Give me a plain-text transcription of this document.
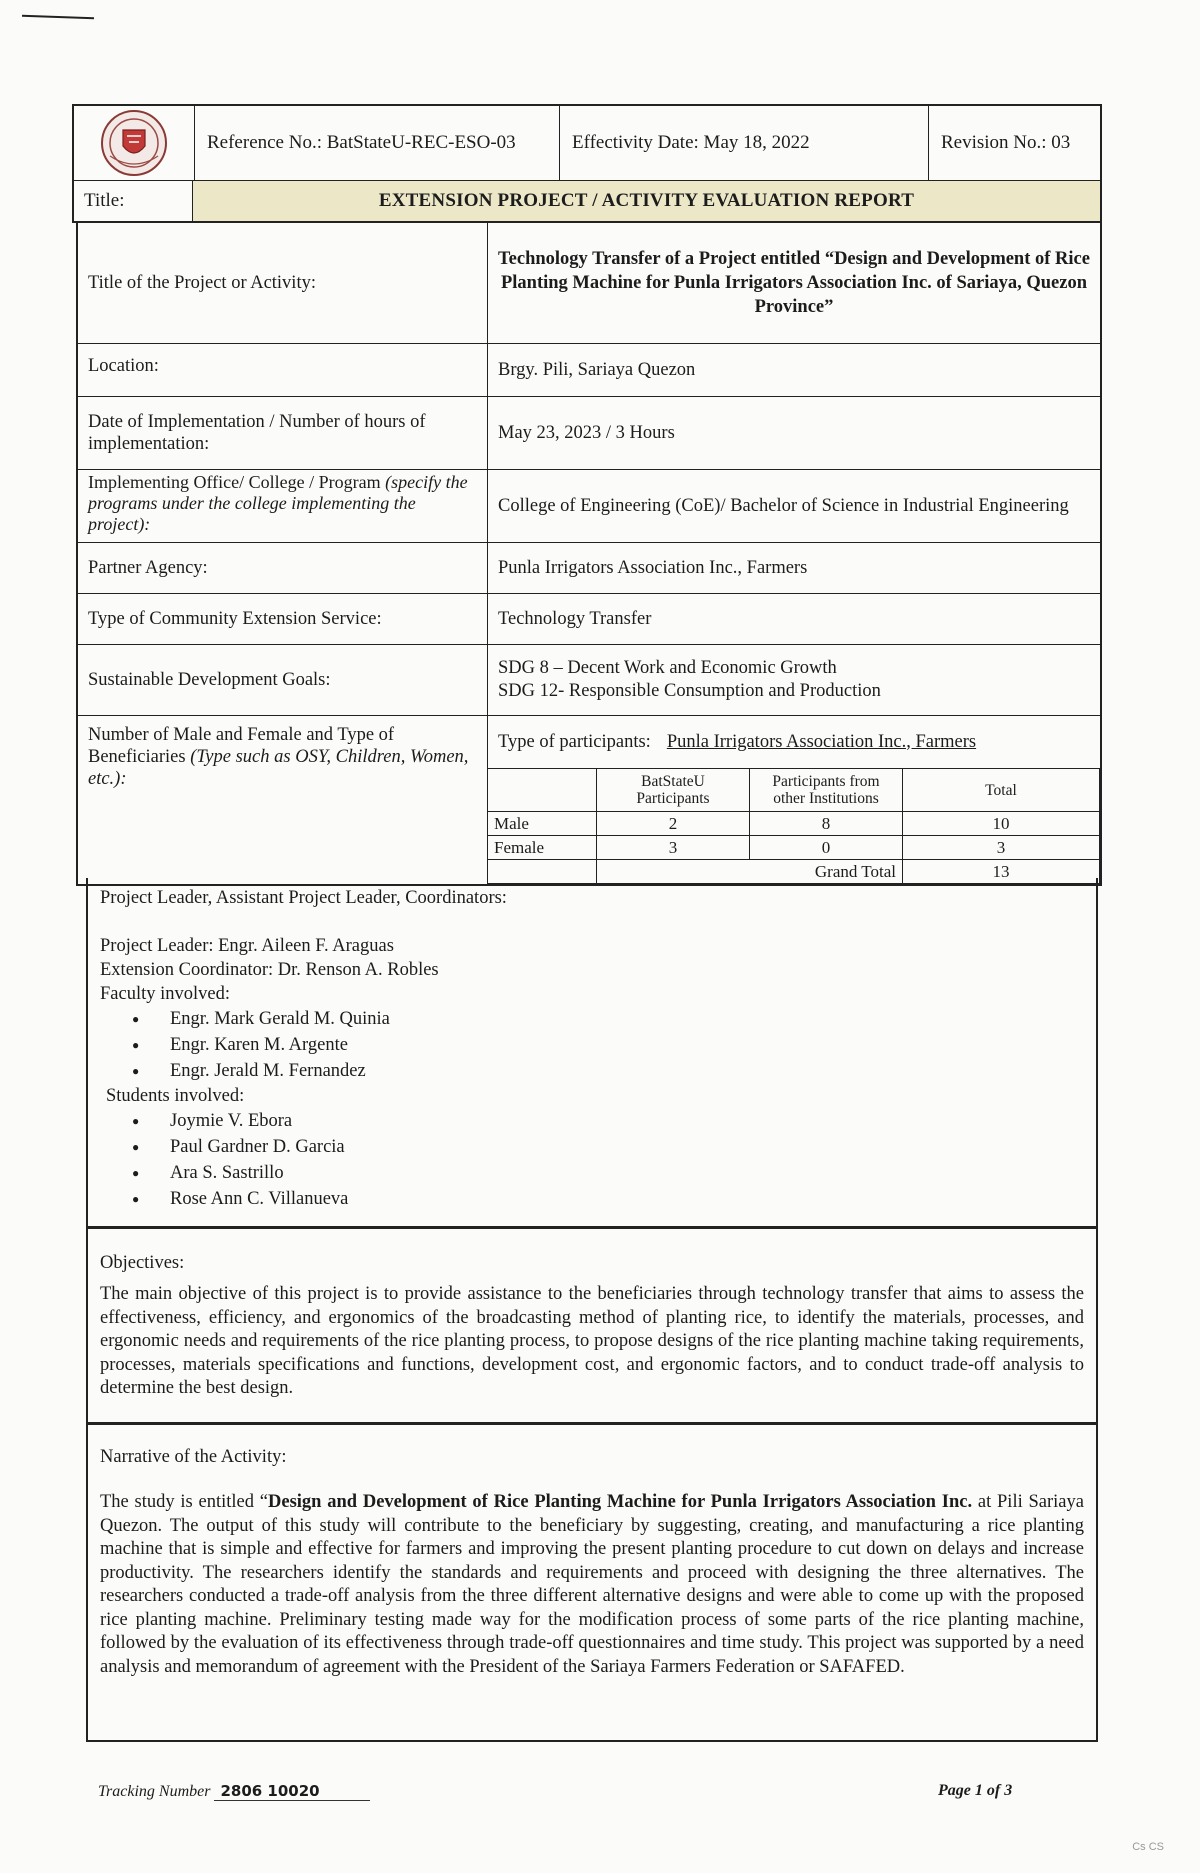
Reference No.: BatStateU-REC-ESO-03	Effectivity Date: May 18, 2022	Revision No.: 03
Title:	EXTENSION PROJECT / ACTIVITY EVALUATION REPORT
Title of the Project or Activity:
Technology Transfer of a Project entitled “Design and Development of Rice Planting Machine for Punla Irrigators Association Inc. of Sariaya, Quezon Province”
Location:	Brgy. Pili, Sariaya Quezon
Date of Implementation / Number of hours of implementation:
May 23, 2023 / 3 Hours
Implementing Office/ College / Program (specify the programs under the college implementing the project):
College of Engineering (CoE)/ Bachelor of Science in Industrial Engineering
Partner Agency:	Punla Irrigators Association Inc., Farmers
Type of Community Extension Service:	Technology Transfer
Sustainable Development Goals:
SDG 8 – Decent Work and Economic Growth
SDG 12- Responsible Consumption and Production
Number of Male and Female and Type of Beneficiaries (Type such as OSY, Children, Women, etc.):
Type of participants: Punla Irrigators Association Inc., Farmers
	BatStateU Participants	Participants from other Institutions	Total
Male	2	8	10
Female	3	0	3
	Grand Total		13
Project Leader, Assistant Project Leader, Coordinators:
Project Leader: Engr. Aileen F. Araguas
Extension Coordinator: Dr. Renson A. Robles
Faculty involved:
● Engr. Mark Gerald M. Quinia
● Engr. Karen M. Argente
● Engr. Jerald M. Fernandez
Students involved:
● Joymie V. Ebora
● Paul Gardner D. Garcia
● Ara S. Sastrillo
● Rose Ann C. Villanueva
Objectives:
The main objective of this project is to provide assistance to the beneficiaries through technology transfer that aims to assess the effectiveness, efficiency, and ergonomics of the broadcasting method of planting rice, to identify the materials, processes, and ergonomic needs and requirements of the rice planting process, to propose designs of the rice planting machine taking requirements, processes, materials specifications and functions, development cost, and ergonomic factors, and to conduct trade-off analysis to determine the best design.
Narrative of the Activity:
The study is entitled “Design and Development of Rice Planting Machine for Punla Irrigators Association Inc. at Pili Sariaya Quezon. The output of this study will contribute to the beneficiary by suggesting, creating, and manufacturing a rice planting machine that is simple and effective for farmers and improving the present planting procedure to cut down on delays and increase productivity. The researchers identify the standards and requirements and proceed with designing the three alternatives. The researchers conducted a trade-off analysis from the three different alternative designs and were able to come up with the proposed rice planting machine. Preliminary testing made way for the modification process of some parts of the rice planting machine, followed by the evaluation of its effectiveness through trade-off questionnaires and time study. This project was supported by a need analysis and memorandum of agreement with the President of the Sariaya Farmers Federation or SAFAFED.
Tracking Number 2806 10020	Page 1 of 3
Cs CS
